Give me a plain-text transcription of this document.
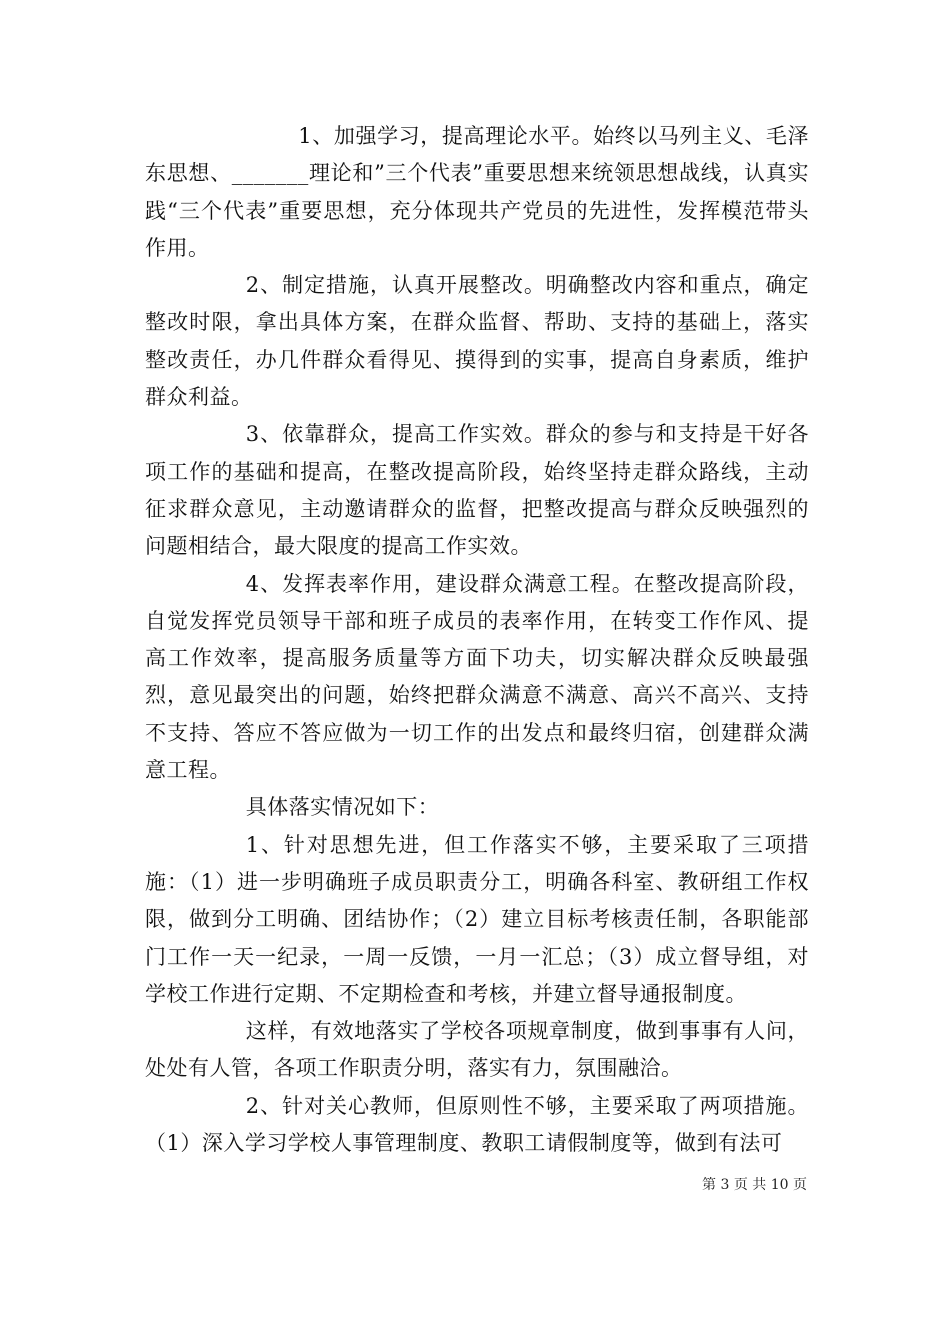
1、加强学习，提高理论水平。始终以马列主义、毛泽东思想、_______理论和”三个代表”重要思想来统领思想战线，认真实践“三个代表”重要思想，充分体现共产党员的先进性，发挥模范带头作用。

2、制定措施，认真开展整改。明确整改内容和重点，确定整改时限，拿出具体方案，在群众监督、帮助、支持的基础上，落实整改责任，办几件群众看得见、摸得到的实事，提高自身素质，维护群众利益。

3、依靠群众，提高工作实效。群众的参与和支持是干好各项工作的基础和提高，在整改提高阶段，始终坚持走群众路线，主动征求群众意见，主动邀请群众的监督，把整改提高与群众反映强烈的问题相结合，最大限度的提高工作实效。

4、发挥表率作用，建设群众满意工程。在整改提高阶段，自觉发挥党员领导干部和班子成员的表率作用，在转变工作作风、提高工作效率，提高服务质量等方面下功夫，切实解决群众反映最强烈，意见最突出的问题，始终把群众满意不满意、高兴不高兴、支持不支持、答应不答应做为一切工作的出发点和最终归宿，创建群众满意工程。

具体落实情况如下：

1、针对思想先进，但工作落实不够，主要采取了三项措施：（1）进一步明确班子成员职责分工，明确各科室、教研组工作权限，做到分工明确、团结协作；（2）建立目标考核责任制，各职能部门工作一天一纪录，一周一反馈，一月一汇总；（3）成立督导组，对学校工作进行定期、不定期检查和考核，并建立督导通报制度。

这样，有效地落实了学校各项规章制度，做到事事有人问，处处有人管，各项工作职责分明，落实有力，氛围融洽。

2、针对关心教师，但原则性不够，主要采取了两项措施。（1）深入学习学校人事管理制度、教职工请假制度等，做到有法可

第 3 页 共 10 页
